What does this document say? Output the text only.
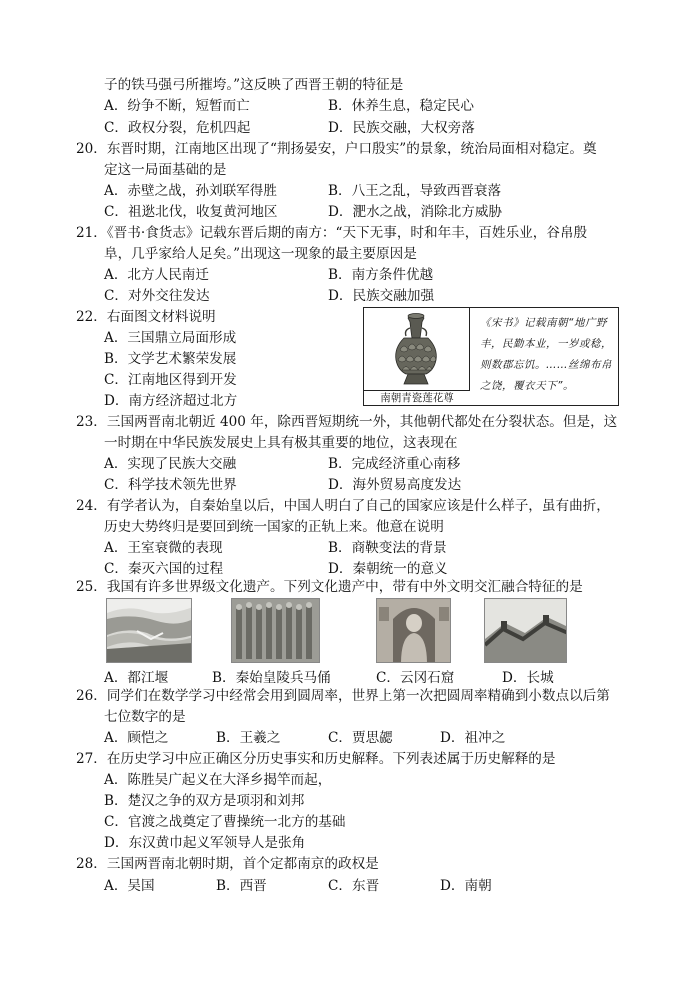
子的铁马强弓所摧垮。”这反映了西晋王朝的特征是
A．纷争不断，短暂而亡	B．休养生息，稳定民心
C．政权分裂，危机四起	D．民族交融，大权旁落
20．东晋时期，江南地区出现了“荆扬晏安，户口殷实”的景象，统治局面相对稳定。奠
定这一局面基础的是
A．赤壁之战，孙刘联军得胜	B．八王之乱，导致西晋衰落
C．祖逖北伐，收复黄河地区	D．淝水之战，消除北方威胁
21．《晋书·食货志》记载东晋后期的南方：“天下无事，时和年丰，百姓乐业，谷帛殷
阜，几乎家给人足矣。”出现这一现象的最主要原因是
A．北方人民南迁	B．南方条件优越
C．对外交往发达	D．民族交融加强
22．右面图文材料说明
A．三国鼎立局面形成
B．文学艺术繁荣发展
C．江南地区得到开发
D．南方经济超过北方	南朝青瓷莲花尊
《宋书》记载南朝“地广野丰，民勤本业，一岁或稔，则数郡忘饥。……丝绵布帛之饶，覆衣天下”。
23．三国两晋南北朝近 400 年，除西晋短期统一外，其他朝代都处在分裂状态。但是，这
一时期在中华民族发展史上具有极其重要的地位，这表现在
A．实现了民族大交融	B．完成经济重心南移
C．科学技术领先世界	D．海外贸易高度发达
24．有学者认为，自秦始皇以后，中国人明白了自己的国家应该是什么样子，虽有曲折，
历史大势终归是要回到统一国家的正轨上来。他意在说明
A．王室衰微的表现	B．商鞅变法的背景
C．秦灭六国的过程	D．秦朝统一的意义
25．我国有许多世界级文化遗产。下列文化遗产中，带有中外文明交汇融合特征的是
A．都江堰	B．秦始皇陵兵马俑	C．云冈石窟	D．长城
26．同学们在数学学习中经常会用到圆周率，世界上第一次把圆周率精确到小数点以后第
七位数字的是
A．顾恺之	B．王羲之	C．贾思勰	D．祖冲之
27．在历史学习中应正确区分历史事实和历史解释。下列表述属于历史解释的是
A．陈胜吴广起义在大泽乡揭竿而起，
B．楚汉之争的双方是项羽和刘邦
C．官渡之战奠定了曹操统一北方的基础
D．东汉黄巾起义军领导人是张角
28．三国两晋南北朝时期，首个定都南京的政权是
A．吴国	B．西晋	C．东晋	D．南朝
